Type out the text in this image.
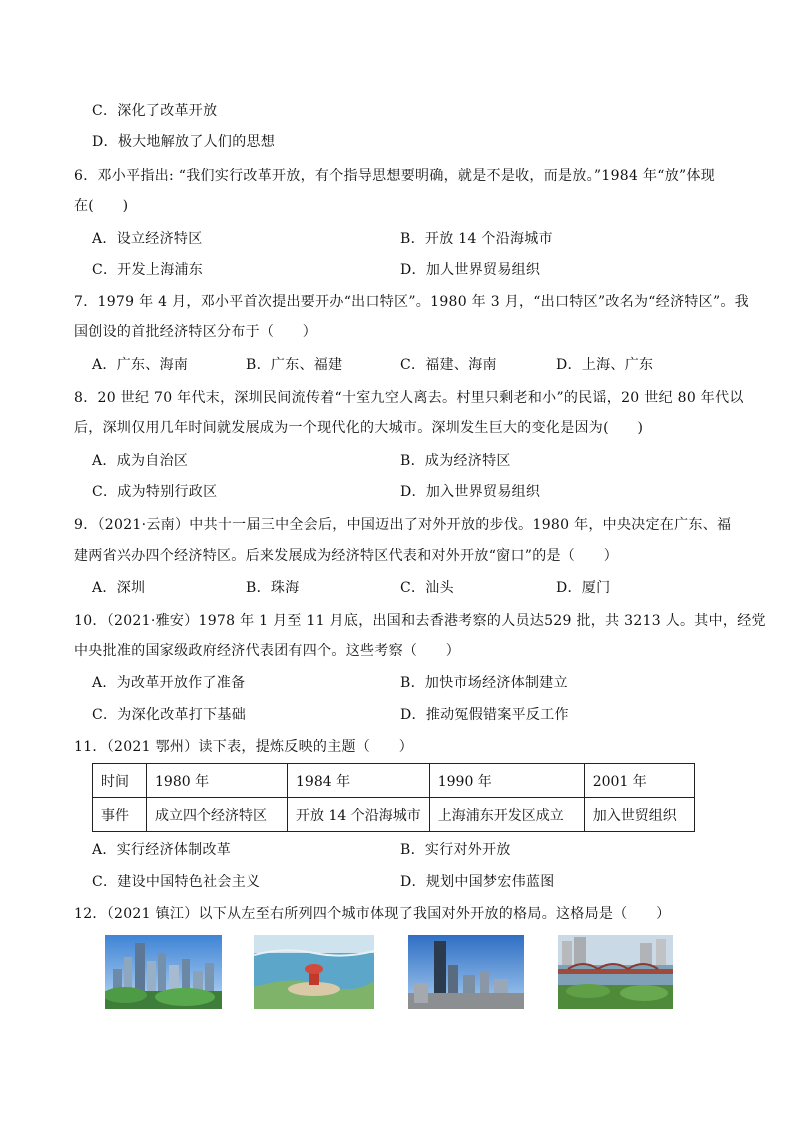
C．深化了改革开放
D．极大地解放了人们的思想
6．邓小平指出: “我们实行改革开放，有个指导思想要明确，就是不是收，而是放。”1984 年“放”体现
在(　　)
A．设立经济特区	B．开放 14 个沿海城市
C．开发上海浦东	D．加人世界贸易组织
7．1979 年 4 月，邓小平首次提出要开办“出口特区”。1980 年 3 月，“出口特区”改名为“经济特区”。我
国创设的首批经济特区分布于（　　）
A．广东、海南	B．广东、福建	C．福建、海南	D．上海、广东
8．20 世纪 70 年代末，深圳民间流传着“十室九空人离去。村里只剩老和小”的民谣，20 世纪 80 年代以
后，深圳仅用几年时间就发展成为一个现代化的大城市。深圳发生巨大的变化是因为(　　)
A．成为自治区	B．成为经济特区
C．成为特别行政区	D．加入世界贸易组织
9．（2021·云南）中共十一届三中全会后，中国迈出了对外开放的步伐。1980 年，中央决定在广东、福
建两省兴办四个经济特区。后来发展成为经济特区代表和对外开放“窗口”的是（　　）
A．深圳	B．珠海	C．汕头	D．厦门
10．（2021·雅安）1978 年 1 月至 11 月底，出国和去香港考察的人员达529 批，共 3213 人。其中，经党
中央批准的国家级政府经济代表团有四个。这些考察（　　）
A．为改革开放作了准备	B．加快市场经济体制建立
C．为深化改革打下基础	D．推动冤假错案平反工作
11．（2021 鄂州）读下表，提炼反映的主题（　　）
时间	1980 年	1984 年	1990 年	2001 年
事件	成立四个经济特区	开放 14 个沿海城市	上海浦东开发区成立	加入世贸组织
A．实行经济体制改革	B．实行对外开放
C．建设中国特色社会主义	D．规划中国梦宏伟蓝图
12．（2021 镇江）以下从左至右所列四个城市体现了我国对外开放的格局。这格局是（　　）
